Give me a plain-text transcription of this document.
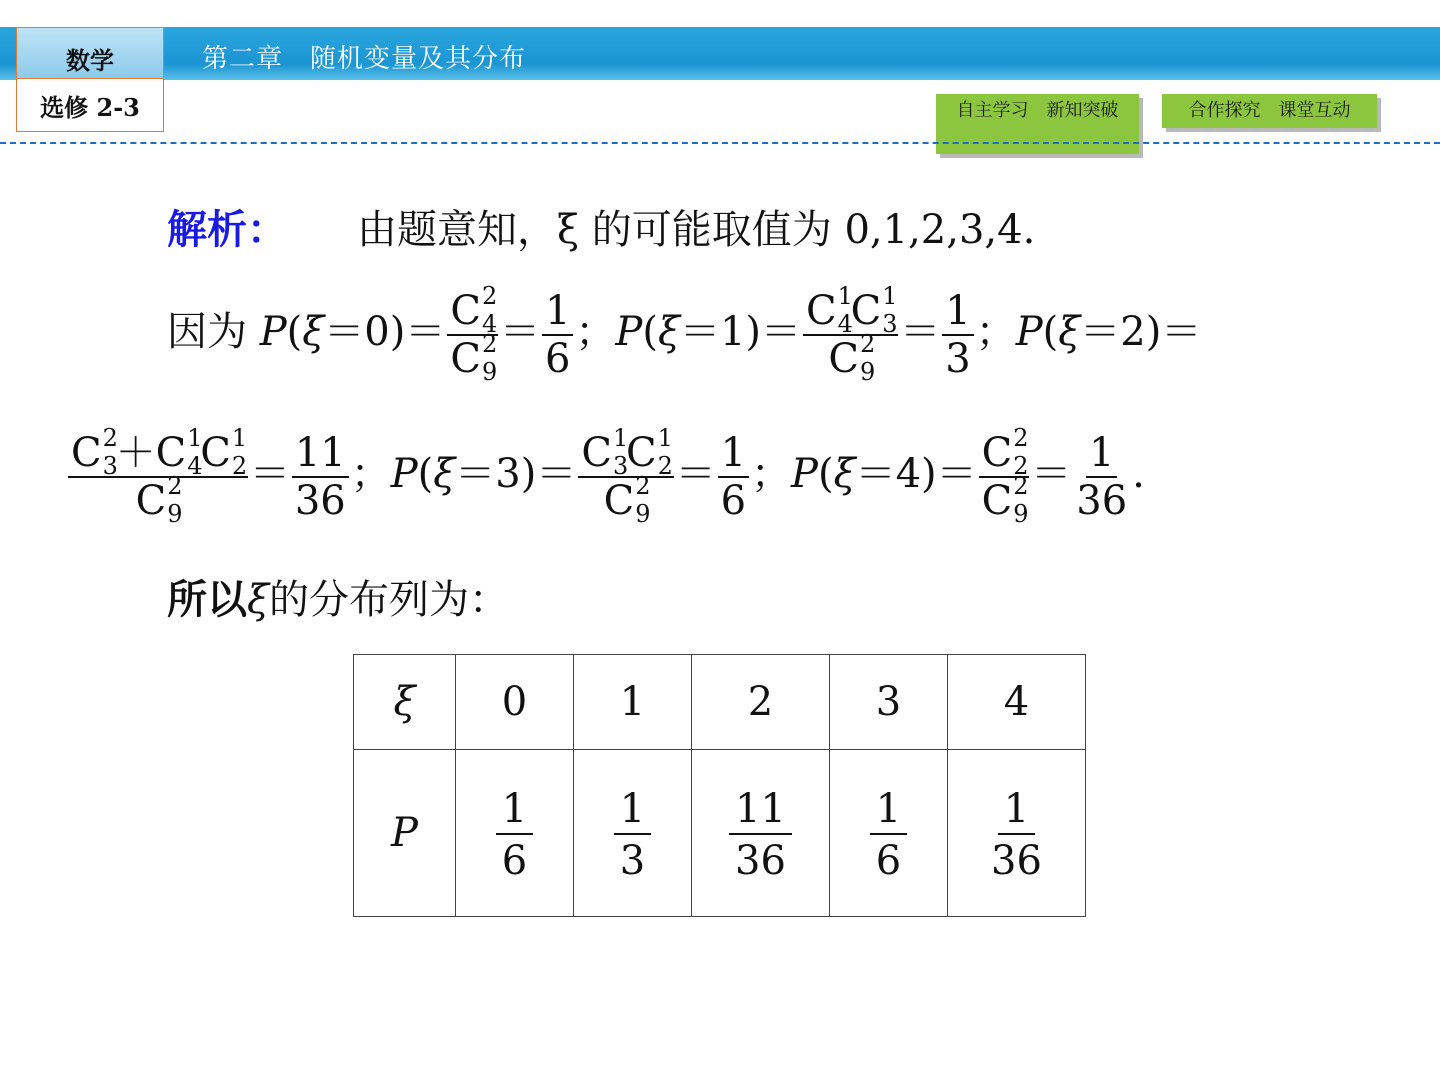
数学
选修 2-3
第二章　随机变量及其分布
自主学习　新知突破	合作探究　课堂互动
解析： 由题意知，ξ 的可能取值为 0,1,2,3,4.
因为 P(ξ＝0)＝ C 2
4
C 2
$9 = \frac{1}{6}$ ；P(ξ＝1)＝ C 1
4
C 1
3
C 2
$9 = \frac{1}{3}$ ；P(ξ＝2)＝
C 2
3
＋C 1
4
C 1
2
C 2
$9 = \frac{11}{36}$ ；P(ξ＝3)＝ C 1
3
C 1
2
C 2
$9 = \frac{1}{6}$ ；P(ξ＝4)＝ C 2
2
C 2
$9 = \frac{1}{36}$ .
所以ξ的分布列为：
ξ	0	1	2	3	4
P	$\frac{1}{6}$	$\frac{1}{3}$	$\frac{11}{36}$	$\frac{1}{6}$	$\frac{1}{36}$
